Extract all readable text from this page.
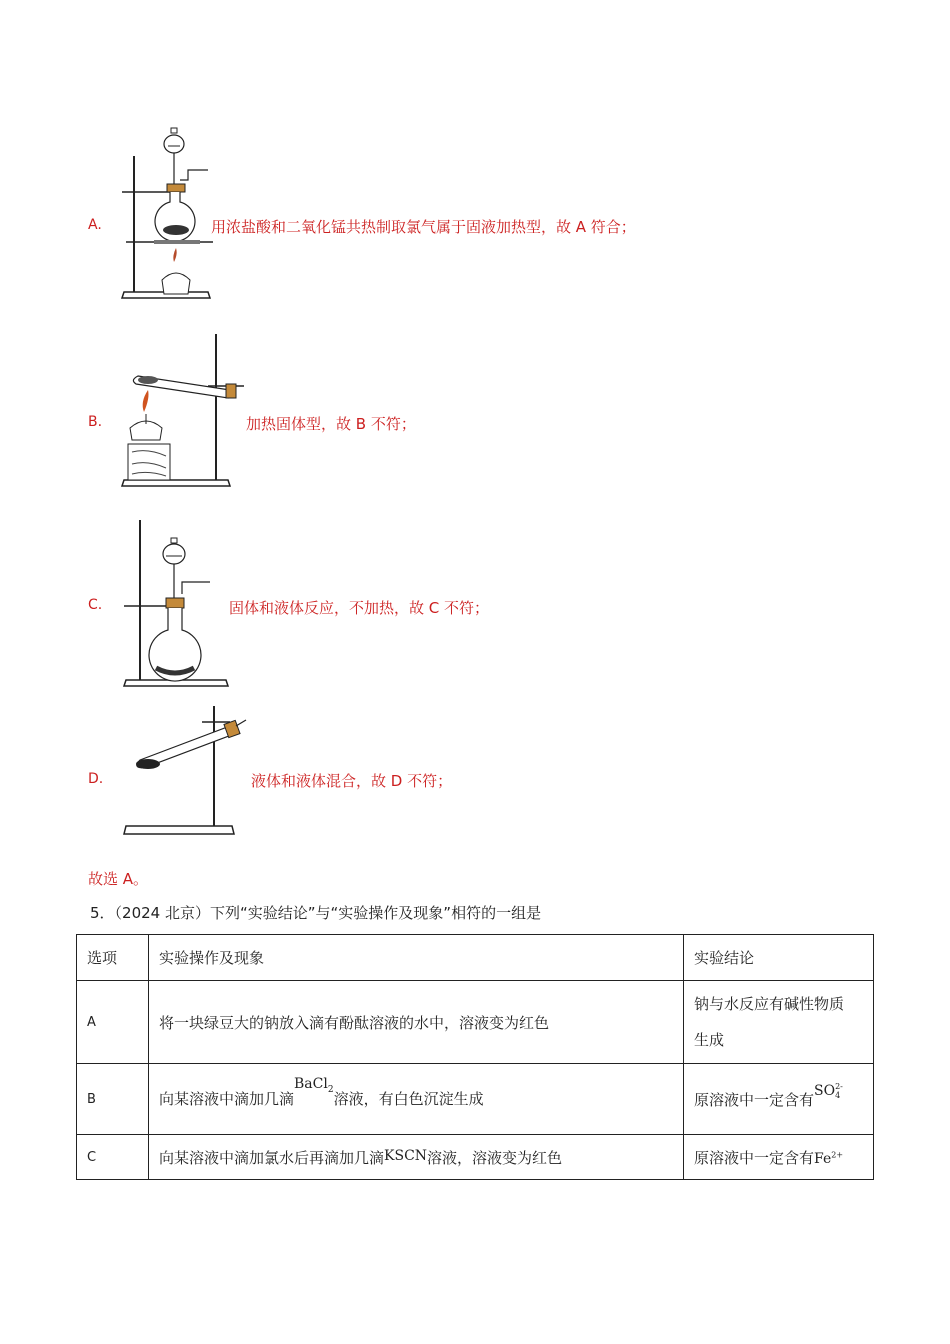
A.	用浓盐酸和二氧化锰共热制取氯气属于固液加热型，故 A 符合；
B.	加热固体型，故 B 不符；
C.	固体和液体反应，不加热，故 C 不符；
D.	液体和液体混合，故 D 不符；
故选 A。
5．（2024 北京）下列“实验结论”与“实验操作及现象”相符的一组是
选项	实验操作及现象	实验结论
A	将一块绿豆大的钠放入滴有酚酞溶液的水中，溶液变为红色	钠与水反应有碱性物质
生成

B	向某溶液中滴加几滴BaCl$_2$溶液，有白色沉淀生成	原溶液中一定含有SO 2-
4

C	向某溶液中滴加氯水后再滴加几滴KSCN溶液，溶液变为红色	原溶液中一定含有$Fe^{2+}$
